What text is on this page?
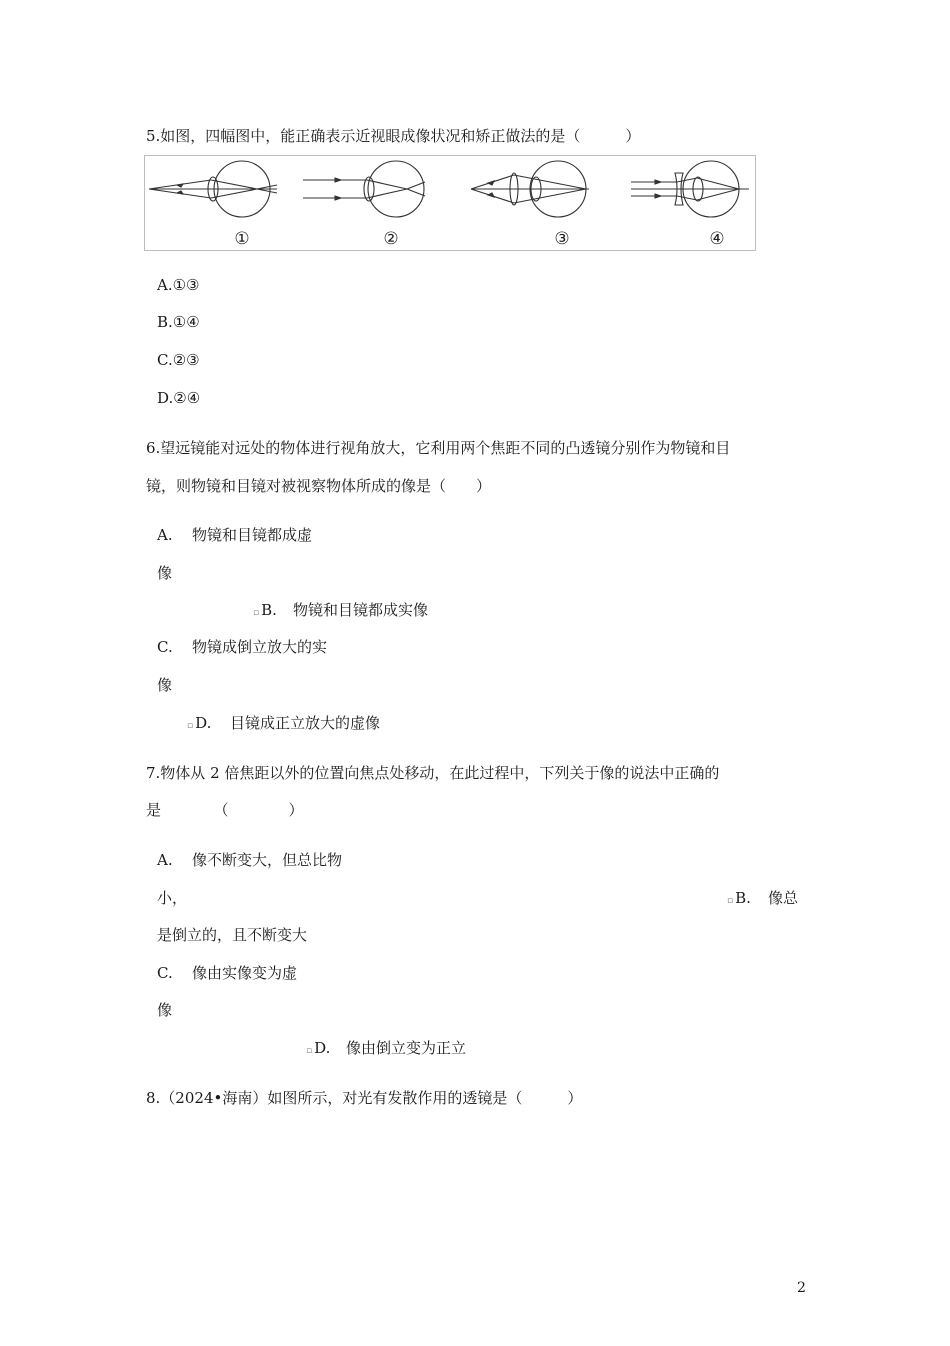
5.如图，四幅图中，能正确表示近视眼成像状况和矫正做法的是（　　　）
①	②	③	④
A.①③
B.①④
C.②③
D.②④
6.望远镜能对远处的物体进行视角放大，它利用两个焦距不同的凸透镜分别作为物镜和目
镜，则物镜和目镜对被视察物体所成的像是（　　）
A. 物镜和目镜都成虚
像
▫ B. 物镜和目镜都成实像
C. 物镜成倒立放大的实
像
▫ D. 目镜成正立放大的虚像
7.物体从 2 倍焦距以外的位置向焦点处移动，在此过程中，下列关于像的说法中正确的
是　　　　（　　　　）
A. 像不断变大，但总比物
小，	▫ B. 像总
是倒立的，且不断变大
C. 像由实像变为虚
像
▫ D. 像由倒立变为正立
8.（2024•海南）如图所示，对光有发散作用的透镜是（　　　）
2
